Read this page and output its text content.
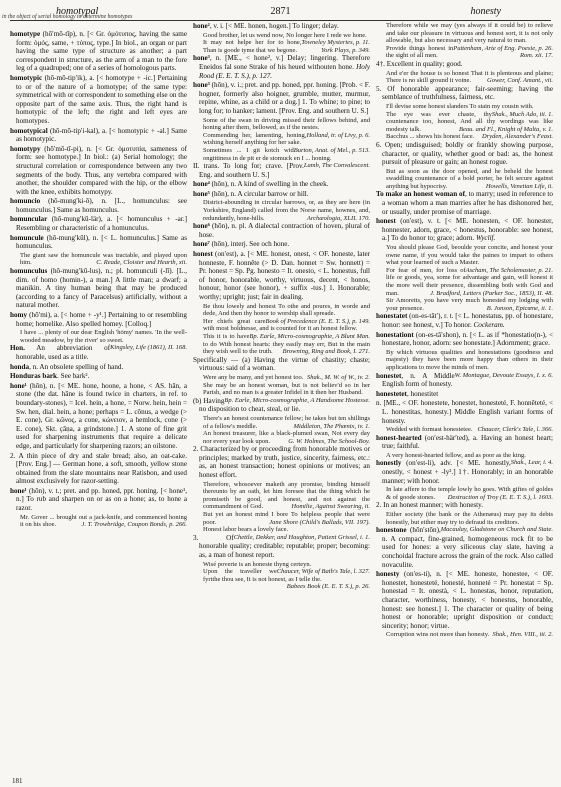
homotypal	2871	honesty
in the object of serial homology to determine homotypes

homotype (hō′mō-tīp), n. [< Gr. ὁμότυπος, having the same form: ὁμός, same, + τύπος, type.] In biol., an organ or part having the same type of structure as another; a part correspondent in structure, as the arm of a man to the fore leg of a quadruped; one of a series of homologous parts.

homotypic (hō-mō-tip′ik), a. [< homotype + -ic.] Pertaining to or of the nature of a homotype; of the same type: symmetrical with or correspondent to something else on the opposite part of the same axis. Thus, the right hand is homotypic of the left; the right and left eyes are homotypes.

homotypical (hō-mō-tip′i-kal), a. [< homotypic + -al.] Same as homotypic.

homotypy (hō′mō-tī-pi), n. [< Gr. ὁμοτυπία, sameness of form: see homotype.] In biol.: (a) Serial homology; the structural correlation or correspondence between any two segments of the body. Thus, any vertebra compared with another, the shoulder compared with the hip, or the elbow with the knee, exhibits homotypy.

homuncio (hō-mung′ki-ō), n. [L., homunculus: see homunculus.] Same as homunculus.

homuncular (hō-mung′kū-lär), a. [< homunculus + -ar.] Resembling or characteristic of a homunculus.

homuncule (hō-mung′kūl), n. [< L. homunculus.] Same as homunculus.

The giant saw the homuncule was tractable, and played upon him.	C. Reade, Cloister and Hearth, xii.

homunculus (hō-mung′kū-lus), n.; pl. homunculi (-lī). [L., dim. of homo (homin-), a man.] A little man; a dwarf; a manikin. A tiny human being that may be produced (according to a fancy of Paracelsus) artificially, without a natural mother.

homy (hō′mi), a. [< home + -y¹.] Pertaining to or resembling home; homelike. Also spelled homey. [Colloq.]

I have ... plenty of our dear English 'hōmy' names. 'In the well-wooded meadow, by the river' so sweet.
Kingsley, Life (1861), II. 168.

Hon. An abbreviation of honorable, used as a title.

honda, n. An obsolete spelling of hand.

Honduras bark. See bark².

hone¹ (hōn), n. [< ME. hone, hoone, a hone, < AS. hān, a stone (the dat. hāne is found twice in charters, in ref. to boundary-stones), = Icel. hein, a hone, = Norw. hein, hein = Sw. hen, dial. hein, a hone; perhaps = L. cōnus, a wedge (> E. cone), Gr. κῶνος, a cone, κώνειον, a hemlock, cone (> E. cone), Skt. çāṇa, a grindstone.] 1. A stone of fine grit used for sharpening instruments that require a delicate edge, and particularly for sharpening razors; an oilstone.

2. A thin piece of dry and stale bread; also, an oat-cake. [Prov. Eng.] — German hone, a soft, smooth, yellow stone obtained from the slate mountains near Ratisbon, and used almost exclusively for razor-setting.

hone¹ (hōn), v. t.; pret. and pp. honed, ppr. honing. [< hone¹, n.] To rub and sharpen on or as on a hone; as, to hone a razor.

Mr. Gover ... brought out a jack-knife, and commenced honing it on his shoe.	J. T. Trowbridge, Coupon Bonds, p. 266.

hone², v. i. [< ME. honen, hogen.] To linger; delay.

Good brother, let us wend now, No longer here I rede we hone.
Towneley Mysteries, p. 11.
It may not helpe her for to hone, Than is goode tyme that we begone.	York Plays, p. 349.

hone³, n. [ME., < hone², v.] Delay; lingering. Therefore Eneidos fal sone Strake of his heued withouten hone. Holy Rood (E. E. T. S.), p. 127.

hone³ (hōn), v. i.; pret. and pp. honed, ppr. honing. [Prob. < F. hogner, formerly also hoigner, grumble, mutter, murmur, repine, whine, as a child or a dog.] 1. To whine; to pine; to long for; to hanker; lament. [Prov. Eng. and southern U. S.]

Some of the swan in driving missed their fellows behind, and honing after them, bellowed, as if the nestes.
Holland, tr. of Livy, p. 6.
Commending her, lamenting, honing, wishing herself anything for her sake.
Burton, Anat. of Mel., p. 513.
Sometimes ... I git kotch wid ongittiness in de pit er de stomuck en I ... honing.
Lamb, The Convalescent.

II. trans. To long for; crave. [Prov. Eng. and southern U. S.]

hone⁴ (hōn), n. A kind of swelling in the cheek.

hone⁵ (hōn), n. A circular barrow or hill.

District-abounding in circular barrows, or, as they are here (in Yorkshire, England) called from the Norse name, hownes, and, redundantly, hone-hills.	Archæologia, XLII. 170.

hone⁶ (hōn), n. pl. A dialectal contraction of hoven, plural of hose.

hone⁷ (hōn), interj. See och hone.

honest (on′est), a. [< ME. honest, onest, < OF. honeste, later honneste, F. honnête (> D. Dan. honnet = Sw. honnett) = Pr. honest = Sp. Pg. honesto = It. onesto, < L. honestus, full of honor, honorable, worthy, virtuous, decent, < honos, honour, honor (see honor), + suffix -tus.] 1. Honorable; worthy; upright; just; fair in dealing.

Be thou lowely and honest To othe and poures, in worde and dede, And then thy honor to worship shall spreade.
Book of Precedence (E. E. T. S.), p. 149.
Her chiefs great care with most boldnesse, and is counted for it an honest fellow.
Bp. Earle, Micro-cosmographie, A Blunt Man.
This it is to have to do With honest hearts: they easily may err, But in the main they wish well to the truth. Browning, Ring and Book, I. 271.

Specifically — (a) Having the virtue of chastity; chaste; virtuous: said of a woman.

Were any be many, and yet honest too. Shak., M. W. of W., iv. 2.
She may be an honest woman, but is not believ'd so in her Parish, and no man is a greater Infidel in it then her Husband.
Bp. Earle, Micro-cosmographie, A Handsome Hostesse.

(b) Having no disposition to cheat, steal, or lie.

There's an honest countenance fellow; he takes but ten shillings of a fellow's meddle.	Middleton, The Phœnix, iv. 1.
An honest treasurer, like a black-plumed swan, Not every day nor every year look upon.	G. W. Holmes, The School-Boy.

2. Characterized by or proceeding from honorable motives or principles; marked by truth, justice, sincerity, fairness, etc.: as, an honest transaction; honest opinions or motives; an honest effort.

Therefore, whosoever maketh any promise, binding himself thereunto by an oath, let him foresee that the thing which he promiseth be good, and honest, and not against the commandment of God.	Homilie, Against Swearing, ii.
But yet an honest mind I bore To helpless people that were poor.	Jane Shore (Child's Ballads, VII. 197).
Honest labor bears a lovely face.
Chettle, Dekker, and Haughton, Patient Grissel, i. 1.

3. Of honorable quality; creditable; reputable; proper; becoming: as, a man of honest report.

Wisé poverte is an honeste thyng certeyn.
Chaucer, Wife of Bath's Tale, l. 327.
Upon the traveller we fyrithe thou see, It is not honest, as I telle the.
Babees Book (E. E. T. S.), p. 26.
Therefore while we may (yes always if it could be) to relieve and take our pleasure in virtuous and honest sort, it is not only allowable, but also necessary and very natural to man.
Puttenham, Arte of Eng. Poesie, p. 26.
Provide things honest in the sight of all men.	Rom. xii. 17.

4†. Excellent in quality; good.

And e'er the house is so honest That it is plenteous and plaine; There is no skill ground it voine. Gower, Conf. Amant., vii.

5. Of honorable appearance; fair-seeming; having the semblance of truthfulness, fairness, etc.

I'll devise some honest slanders To stain my cousin with.
Shak., Much Ado, iii. 1.
The eye was ever chaste, thy countenance too, honest, And all thy wordings was like modesty talk.	Beau. and Fl., Knight of Malta, v. 1.
Bacchus ... shows his honest face. Dryden, Alexander's Feast.

6. Open; undisguised; boldly or frankly showing purpose, character, or quality, whether good or bad: as, the honest pursuit of pleasure or gain; an honest rogue.

But as soon as the door opened, and he beheld the honest swaddling countenance of a bold porter, he felt secure against anything but hypocrisy.	Howells, Venetian Life, ii.

To make an honest woman of, to marry; used in reference to a woman whom a man marries after he has dishonored her, or usually, under promise of marriage.

honest (on′est), v. t. [< ME. honesten, < OF. honester, honnester, adorn, grace, < honestus, honorable: see honest, a.] To do honor to; grace; adorn. Wyclif.

You should please God, beoulde your concite, and honest your owne name, if you would take the paines to impart to others what your learned of such a Master.
Ascham, The Scholemaster, p. 21.
For fear of men, for loss of life or goods, yea, some for advantage and gain, will honest it the more well their presence, dissembling both with God and man.	J. Bradford, Letters (Parker Soc., 1853), II. 48.
Sir Amoretts, you have very much honested my lodging with your presence.	B. Jonson, Epicœne, ii. 1.

honestatet (on-es-tāt′), r. t. [< L. honestatus, pp. of honestare, honor: see honest, v.] To honor. Cockeram.

honestationt (on-es-tā′shon), n. [< L. as if *honestatio(n-), < honestare, honor, adorn: see honestate.] Adornment; grace.

By which virtuous qualities and honestations (goodness and majesty) they have been more happy than others in their applications to move the minds of men.
W. Montague, Devoute Essays, I. x. 6.

honestet, n. A Middle English form of honesty.

honestetet, honestitet

n. [ME., < OF. honestete, honestet, honesteté, F. honnêteté, < L. honestitas, honesty.] Middle English variant forms of honesty.

Wedded with formast honestetee. Chaucer, Clerk's Tale, l. 366.

honest-hearted (on′est-här′ted), a. Having an honest heart; true; faithful.

A very honest-hearted fellow, and as poor as the king.
Shak., Lear, i. 4.

honestly (on′est-li), adv. [< ME. honestly, onestly, < honest + -ly².] 1†. Honorably; in an honorable manner; with honor.

In late affere to the temple lowly ho goes. With giftes of goldes & of goode stones. Destruction of Troy (E. E. T. S.), l. 1603.

2. In an honest manner; with honesty.

Either society (the bank or the Athenæus) may pay its debts honestly, but either may try to defraud its creditors.
Macaulay, Gladstone on Church and State.

honestone (hōn′stōn), n. A compact, fine-grained, homogeneous rock fit to be used for hones: a very siliceous clay slate, having a conchoidal fracture across the grain of the rock. Also called novaculite.

honesty (on′es-ti), n. [< ME. honeste, honestee, < OF. honestet, honesteté, honesté, honneté = Pr. honestat = Sp. honestad = It. onestà, < L. honestas, honor, reputation, character, worthiness, honesty, < honestus, honorable, honest: see honest.] 1. The character or quality of being honest or honorable; upright disposition or conduct; sincerity; honor; virtue.

Corruption wins not more than honesty. Shak., Hen. VIII., iii. 2.
181
